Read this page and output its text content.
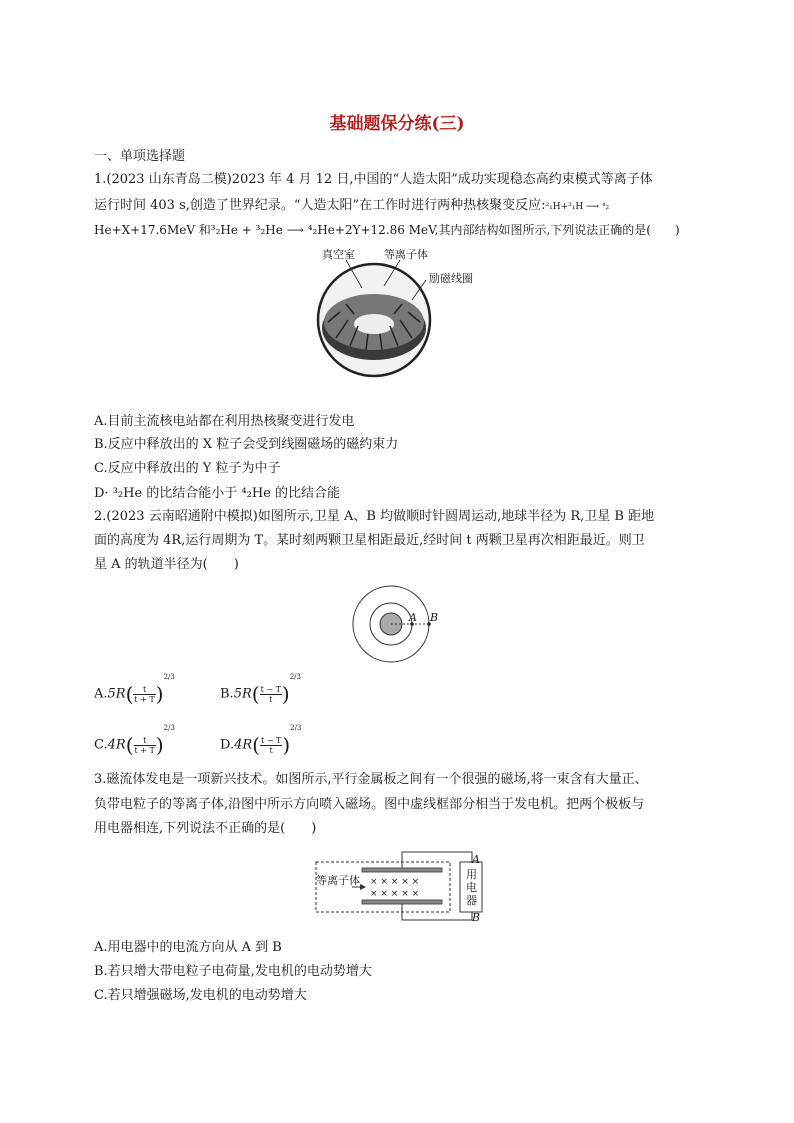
基础题保分练(三)
一、单项选择题
1.(2023 山东青岛二模)2023 年 4 月 12 日,中国的“人造太阳”成功实现稳态高约束模式等离子体
运行时间 403 s,创造了世界纪录。“人造太阳”在工作时进行两种热核聚变反应:²₁H+³₁H ⟶ ⁴₂
He+X+17.6MeV 和³₂He + ³₂He ⟶ ⁴₂He+2Y+12.86 MeV,其内部结构如图所示,下列说法正确的是(　　)
真空室	等离子体
励磁线圈
A.目前主流核电站都在利用热核聚变进行发电
B.反应中释放出的 X 粒子会受到线圈磁场的磁约束力
C.反应中释放出的 Y 粒子为中子
D· ³₂He 的比结合能小于 ⁴₂He 的比结合能
2.(2023 云南昭通附中模拟)如图所示,卫星 A、B 均做顺时针圆周运动,地球半径为 R,卫星 B 距地
面的高度为 4R,运行周期为 T。某时刻两颗卫星相距最近,经时间 t 两颗卫星再次相距最近。则卫
星 A 的轨道半径为(　　)
A B
$A.5R( \frac{t}{t + T} )2/3$
$B.5R( \frac{t - T}{t} )2/3$
$C.4R( \frac{t}{t + T} )2/3$
$D.4R( \frac{t - T}{t} )2/3$
3.磁流体发电是一项新兴技术。如图所示,平行金属板之间有一个很强的磁场,将一束含有大量正、
负带电粒子的等离子体,沿图中所示方向喷入磁场。图中虚线框部分相当于发电机。把两个极板与
用电器相连,下列说法不正确的是(　　)
× × × × ×
× × × × ×
等离子体	用电器
A
B
A.用电器中的电流方向从 A 到 B
B.若只增大带电粒子电荷量,发电机的电动势增大
C.若只增强磁场,发电机的电动势增大
